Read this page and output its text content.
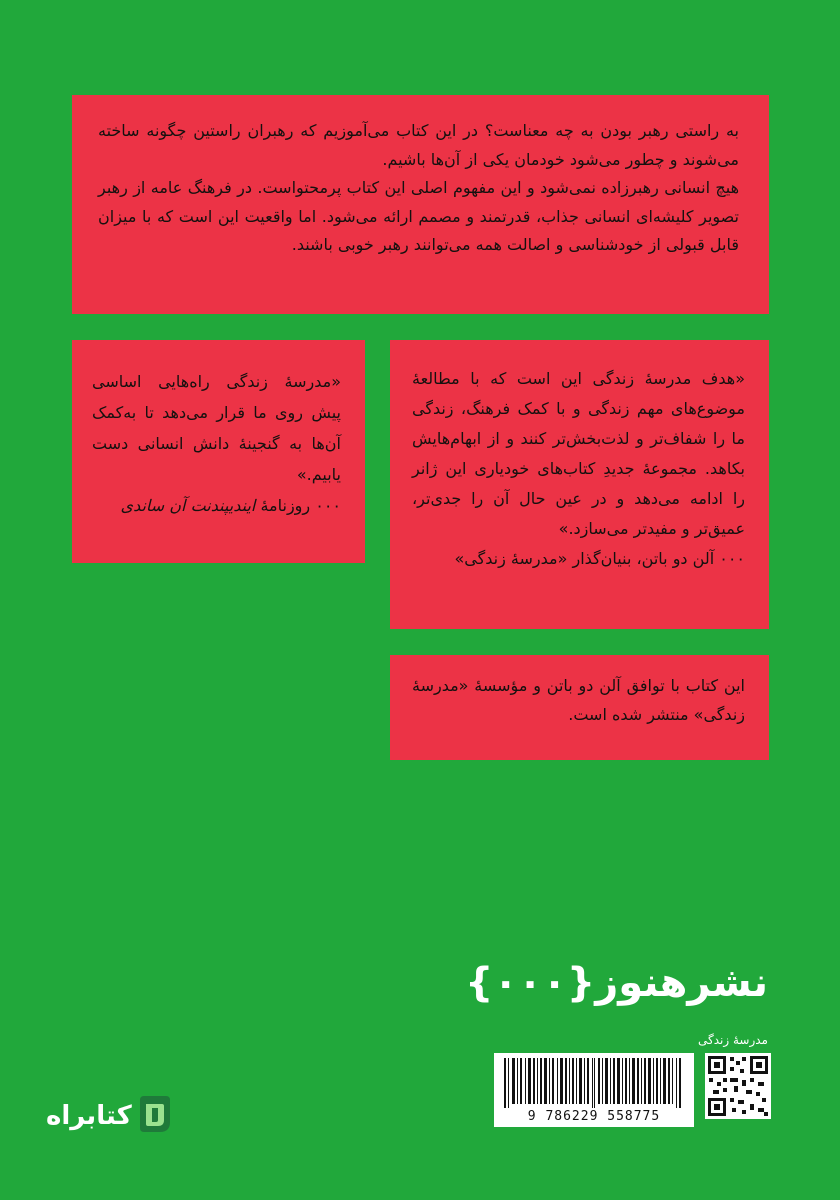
به راستی رهبر بودن به چه معناست؟ در این کتاب می‌آموزیم که رهبران راستین چگونه ساخته می‌شوند و چطور می‌شود خودمان یکی از آن‌ها باشیم.

هیچ انسانی رهبرزاده نمی‌شود و این مفهوم اصلی این کتاب پرمحتواست. در فرهنگ عامه از رهبر تصویر کلیشه‌ای انسانی جذاب، قدرتمند و مصمم ارائه می‌شود. اما واقعیت این است که با میزان قابل قبولی از خودشناسی و اصالت همه می‌توانند رهبر خوبی باشند.

«هدف مدرسهٔ زندگی این است که با مطالعهٔ موضوع‌های مهم زندگی و با کمک فرهنگ، زندگی ما را شفاف‌تر و لذت‌بخش‌تر کنند و از ابهام‌هایش بکاهد. مجموعهٔ جدیدِ کتاب‌های خودیاری این ژانر را ادامه می‌دهد و در عین حال آن را جدی‌تر، عمیق‌تر و مفیدتر می‌سازد.»

۰۰۰ آلن دو باتن، بنیان‌گذار «مدرسهٔ زندگی»

«مدرسهٔ زندگی راه‌هایی اساسی پیش روی ما قرار می‌دهد تا به‌کمک آن‌ها به گنجینهٔ دانش انسانی دست یابیم.»

۰۰۰ روزنامهٔ ایندیپندنت آن ساندی

این کتاب با توافق آلن دو باتن و مؤسسهٔ «مدرسهٔ زندگی» منتشر شده است.

نشرهنوز{۰۰۰}
مدرسهٔ زندگی
9 786229 558775
کتابراه
